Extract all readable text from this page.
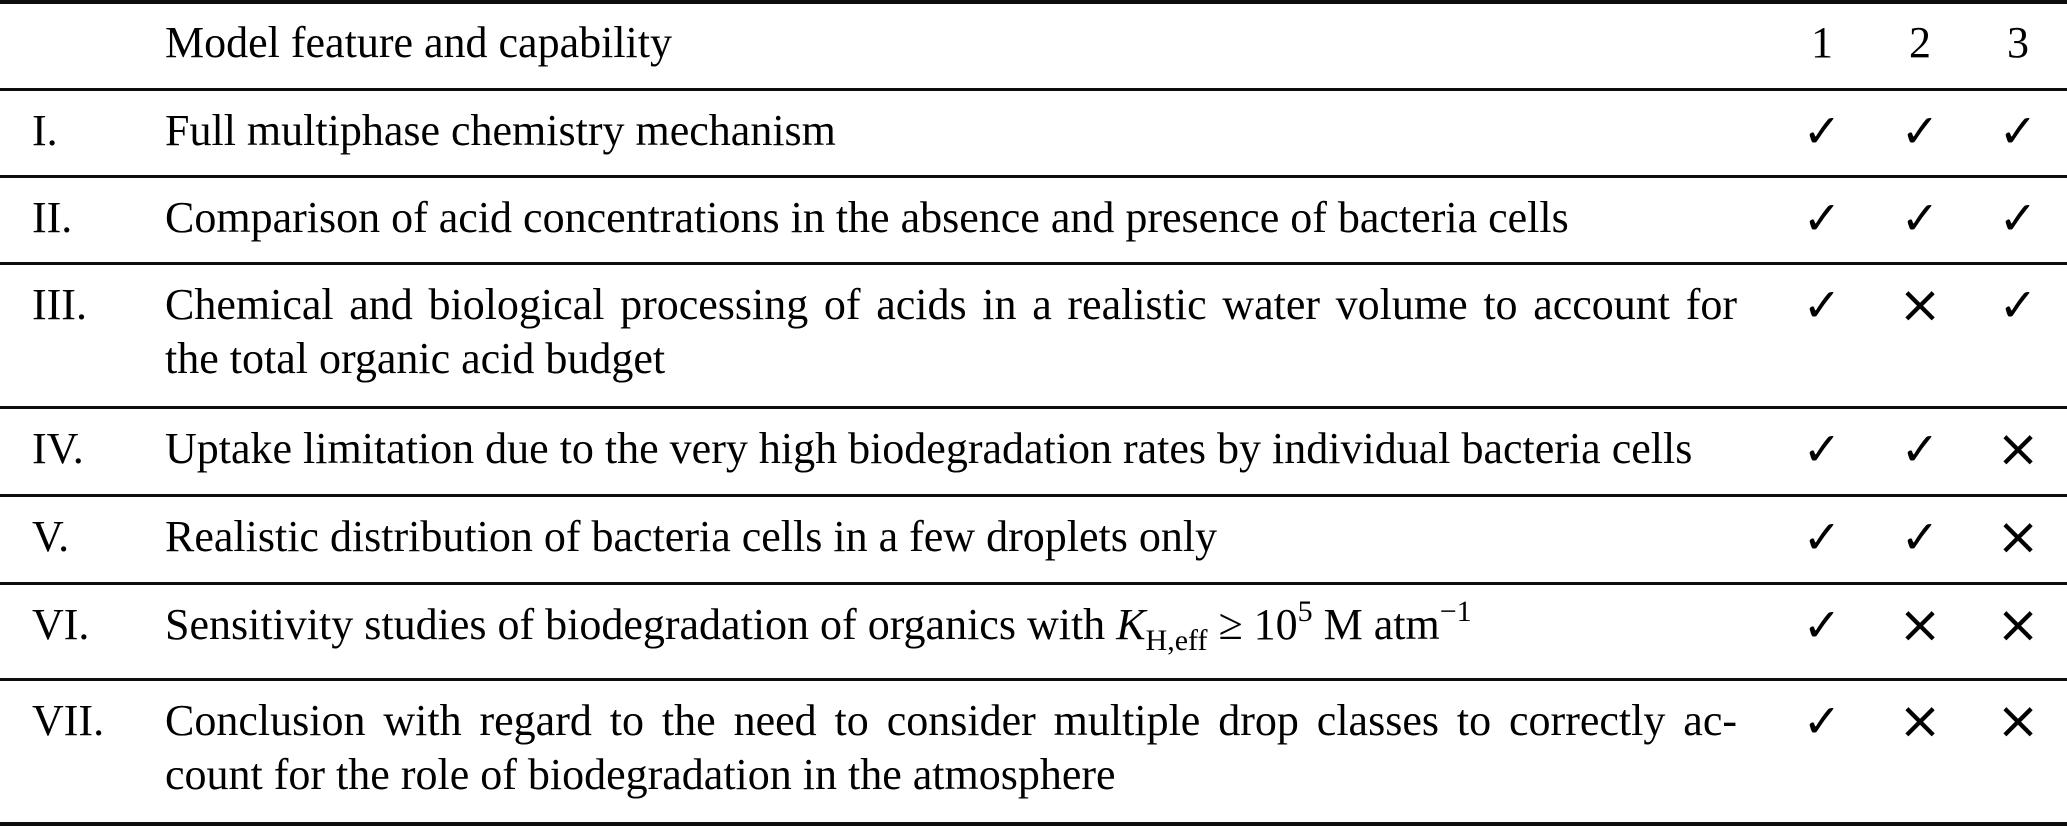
	Model feature and capability	1	2	3
I.	Full multiphase chemistry mechanism	✓	✓	✓
II.	Comparison of acid concentrations in the absence and presence of bacteria cells	✓	✓	✓
III.	Chemical and biological processing of acids in a realistic water volume to account for
the total organic acid budget	✓	×	✓
IV.	Uptake limitation due to the very high biodegradation rates by individual bacteria cells	✓	✓	×
V.	Realistic distribution of bacteria cells in a few droplets only	✓	✓	×
VI.	Sensitivity studies of biodegradation of organics with $K_{H,eff} \ge 10^5$ M atm$^{-1}$	✓	×	×
VII.	Conclusion with regard to the need to consider multiple drop classes to correctly ac-
count for the role of biodegradation in the atmosphere	✓	×	×
